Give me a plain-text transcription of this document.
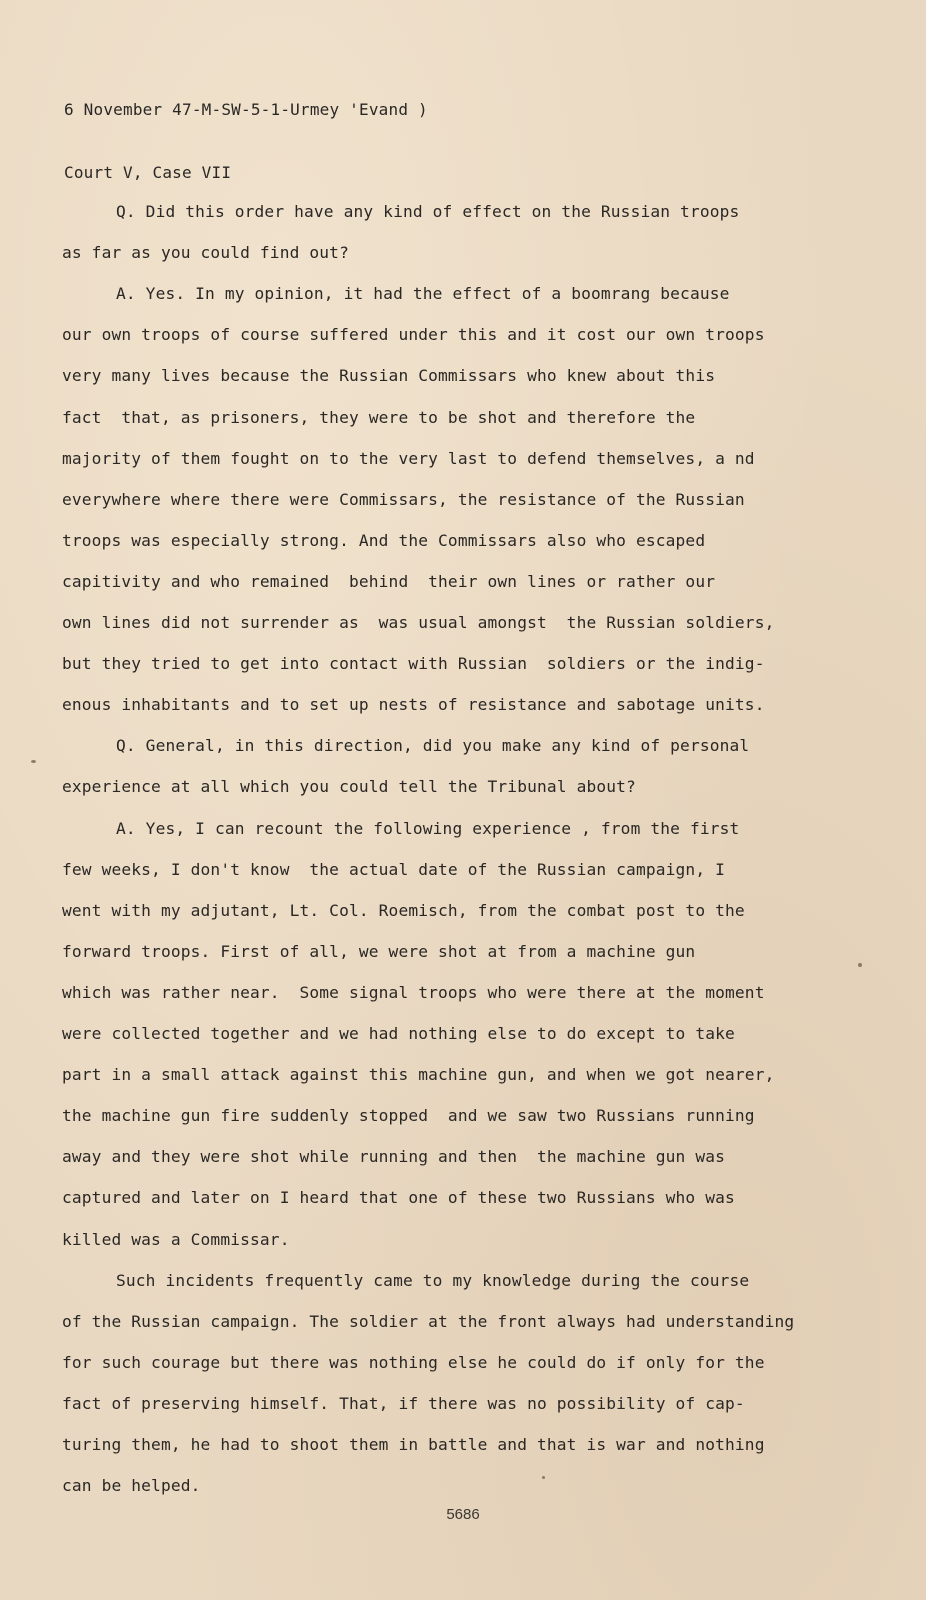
6 November 47-M-SW-5-1-Urmey 'Evand )

Court V, Case VII

Q. Did this order have any kind of effect on the Russian troops
as far as you could find out?
A. Yes. In my opinion, it had the effect of a boomrang because
our own troops of course suffered under this and it cost our own troops
very many lives because the Russian Commissars who knew about this
fact  that, as prisoners, they were to be shot and therefore the
majority of them fought on to the very last to defend themselves, a nd
everywhere where there were Commissars, the resistance of the Russian
troops was especially strong. And the Commissars also who escaped
capitivity and who remained  behind  their own lines or rather our
own lines did not surrender as  was usual amongst  the Russian soldiers,
but they tried to get into contact with Russian  soldiers or the indig-
enous inhabitants and to set up nests of resistance and sabotage units.
Q. General, in this direction, did you make any kind of personal
experience at all which you could tell the Tribunal about?
A. Yes, I can recount the following experience , from the first
few weeks, I don't know  the actual date of the Russian campaign, I
went with my adjutant, Lt. Col. Roemisch, from the combat post to the
forward troops. First of all, we were shot at from a machine gun
which was rather near.  Some signal troops who were there at the moment
were collected together and we had nothing else to do except to take
part in a small attack against this machine gun, and when we got nearer,
the machine gun fire suddenly stopped  and we saw two Russians running
away and they were shot while running and then  the machine gun was
captured and later on I heard that one of these two Russians who was
killed was a Commissar.
Such incidents frequently came to my knowledge during the course
of the Russian campaign. The soldier at the front always had understanding
for such courage but there was nothing else he could do if only for the
fact of preserving himself. That, if there was no possibility of cap-
turing them, he had to shoot them in battle and that is war and nothing
can be helped.
5686
